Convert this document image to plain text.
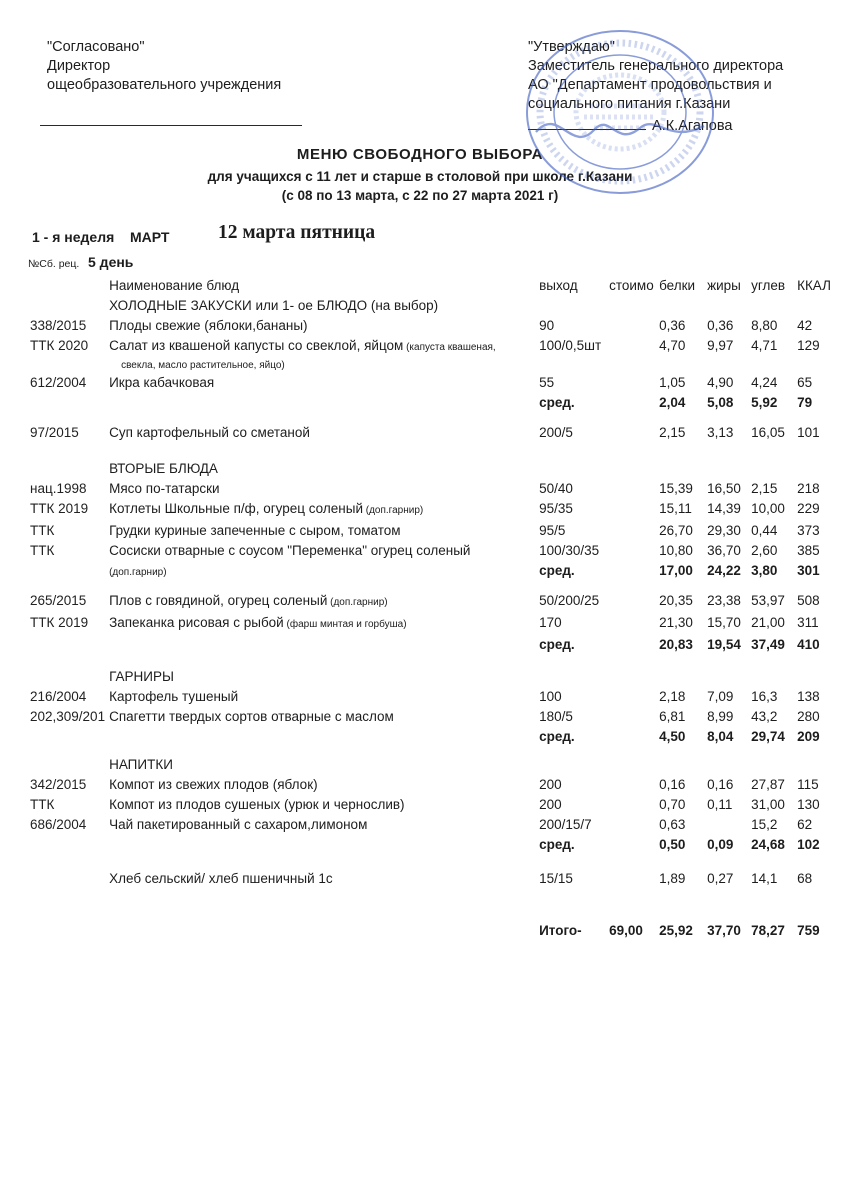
"Согласовано"
Директор
ощеобразовательного учреждения
"Утверждаю"
Заместитель генерального директора
АО "Департамент продовольствия и
социального питания г.Казани
А.К.Агапова
МЕНЮ СВОБОДНОГО ВЫБОРА
для учащихся с 11 лет и старше в столовой при школе г.Казани
(с 08 по 13 марта, с 22 по 27 марта 2021 г)
1 - я неделя МАРТ 12 марта пятница
№Сб. рец. 5 день
	Наименование блюд	выход	стоимо	белки	жиры	углев	ККАЛ
	ХОЛОДНЫЕ ЗАКУСКИ или 1- ое БЛЮДО (на выбор)						
338/2015	Плоды свежие (яблоки,бананы)	90		0,36	0,36	8,80	42
ТТК 2020	Салат из квашеной капусты со свеклой, яйцом (капуста квашеная,
свекла, масло растительное, яйцо)	100/0,5шт		4,70	9,97	4,71	129
612/2004	Икра кабачковая	55		1,05	4,90	4,24	65
		сред.		2,04	5,08	5,92	79

97/2015	Суп картофельный со сметаной	200/5		2,15	3,13	16,05	101

	ВТОРЫЕ БЛЮДА						
нац.1998	Мясо по-татарски	50/40		15,39	16,50	2,15	218
ТТК 2019	Котлеты Школьные п/ф, огурец соленый (доп.гарнир)	95/35		15,11	14,39	10,00	229
ТТК	Грудки куриные запеченные с сыром, томатом	95/5		26,70	29,30	0,44	373
ТТК	Сосиски отварные с соусом "Переменка" огурец соленый	100/30/35		10,80	36,70	2,60	385
	(доп.гарнир)	сред.		17,00	24,22	3,80	301

265/2015	Плов с говядиной, огурец соленый (доп.гарнир)	50/200/25		20,35	23,38	53,97	508
ТТК 2019	Запеканка рисовая с рыбой (фарш минтая и горбуша)	170		21,30	15,70	21,00	311
		сред.		20,83	19,54	37,49	410

	ГАРНИРЫ						
216/2004	Картофель тушеный	100		2,18	7,09	16,3	138
202,309/201	Спагетти твердых сортов отварные с маслом	180/5		6,81	8,99	43,2	280
		сред.		4,50	8,04	29,74	209

	НАПИТКИ						
342/2015	Компот из свежих плодов (яблок)	200		0,16	0,16	27,87	115
ТТК	Компот из плодов сушеных (урюк и чернослив)	200		0,70	0,11	31,00	130
686/2004	Чай пакетированный с сахаром,лимоном	200/15/7		0,63		15,2	62
		сред.		0,50	0,09	24,68	102

	Хлеб сельский/ хлеб пшеничный 1с	15/15		1,89	0,27	14,1	68

		Итого-	69,00	25,92	37,70	78,27	759
